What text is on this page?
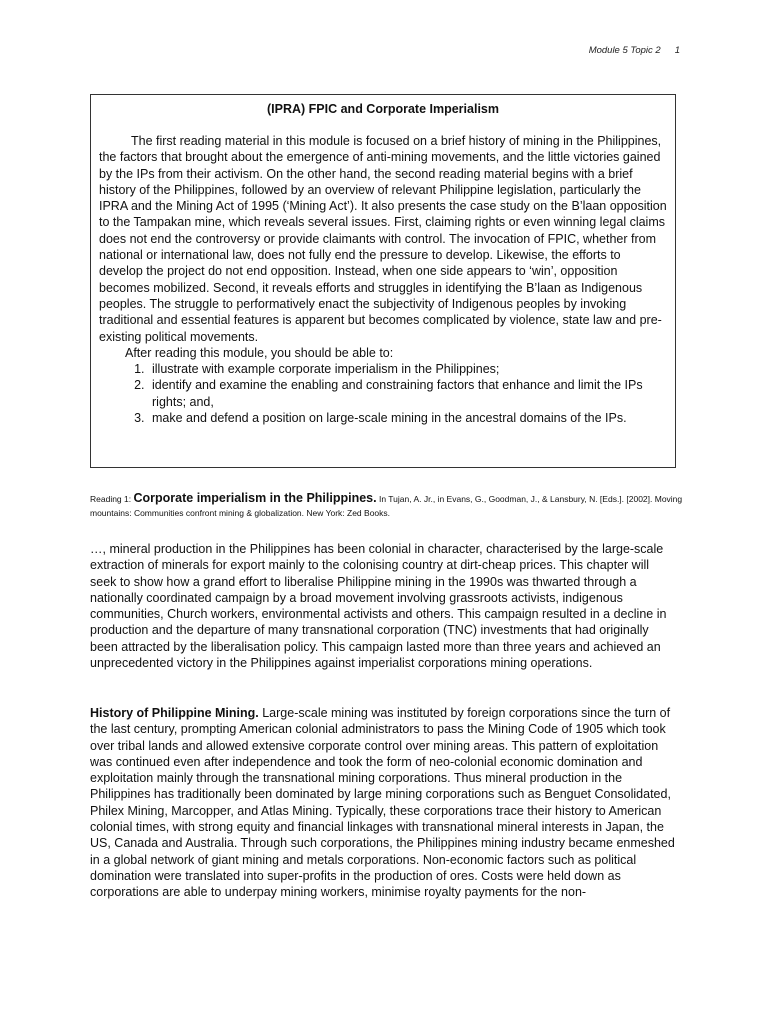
Module 5 Topic 2 1
(IPRA) FPIC and Corporate Imperialism

The first reading material in this module is focused on a brief history of mining in the Philippines, the factors that brought about the emergence of anti-mining movements, and the little victories gained by the IPs from their activism. On the other hand, the second reading material begins with a brief history of the Philippines, followed by an overview of relevant Philippine legislation, particularly the IPRA and the Mining Act of 1995 (‘Mining Act’). It also presents the case study on the B’laan opposition to the Tampakan mine, which reveals several issues. First, claiming rights or even winning legal claims does not end the controversy or provide claimants with control. The invocation of FPIC, whether from national or international law, does not fully end the pressure to develop. Likewise, the efforts to develop the project do not end opposition. Instead, when one side appears to ‘win’, opposition becomes mobilized. Second, it reveals efforts and struggles in identifying the B’laan as Indigenous peoples. The struggle to performatively enact the subjectivity of Indigenous peoples by invoking traditional and essential features is apparent but becomes complicated by violence, state law and pre-existing political movements.

After reading this module, you should be able to:

1. illustrate with example corporate imperialism in the Philippines;
2. identify and examine the enabling and constraining factors that enhance and limit the IPs rights; and,
3. make and defend a position on large-scale mining in the ancestral domains of the IPs.
Reading 1: Corporate imperialism in the Philippines. In Tujan, A. Jr., in Evans, G., Goodman, J., & Lansbury, N. [Eds.]. [2002]. Moving mountains: Communities confront mining & globalization. New York: Zed Books.

…, mineral production in the Philippines has been colonial in character, characterised by the large-scale extraction of minerals for export mainly to the colonising country at dirt-cheap prices. This chapter will seek to show how a grand effort to liberalise Philippine mining in the 1990s was thwarted through a nationally coordinated campaign by a broad movement involving grassroots activists, indigenous communities, Church workers, environmental activists and others. This campaign resulted in a decline in production and the departure of many transnational corporation (TNC) investments that had originally been attracted by the liberalisation policy. This campaign lasted more than three years and achieved an unprecedented victory in the Philippines against imperialist corporations mining operations.

History of Philippine Mining. Large-scale mining was instituted by foreign corporations since the turn of the last century, prompting American colonial administrators to pass the Mining Code of 1905 which took over tribal lands and allowed extensive corporate control over mining areas. This pattern of exploitation was continued even after independence and took the form of neo-colonial economic domination and exploitation mainly through the transnational mining corporations. Thus mineral production in the Philippines has traditionally been dominated by large mining corporations such as Benguet Consolidated, Philex Mining, Marcopper, and Atlas Mining. Typically, these corporations trace their history to American colonial times, with strong equity and financial linkages with transnational mineral interests in Japan, the US, Canada and Australia. Through such corporations, the Philippines mining industry became enmeshed in a global network of giant mining and metals corporations. Non-economic factors such as political domination were translated into super-profits in the production of ores. Costs were held down as corporations are able to underpay mining workers, minimise royalty payments for the non-
